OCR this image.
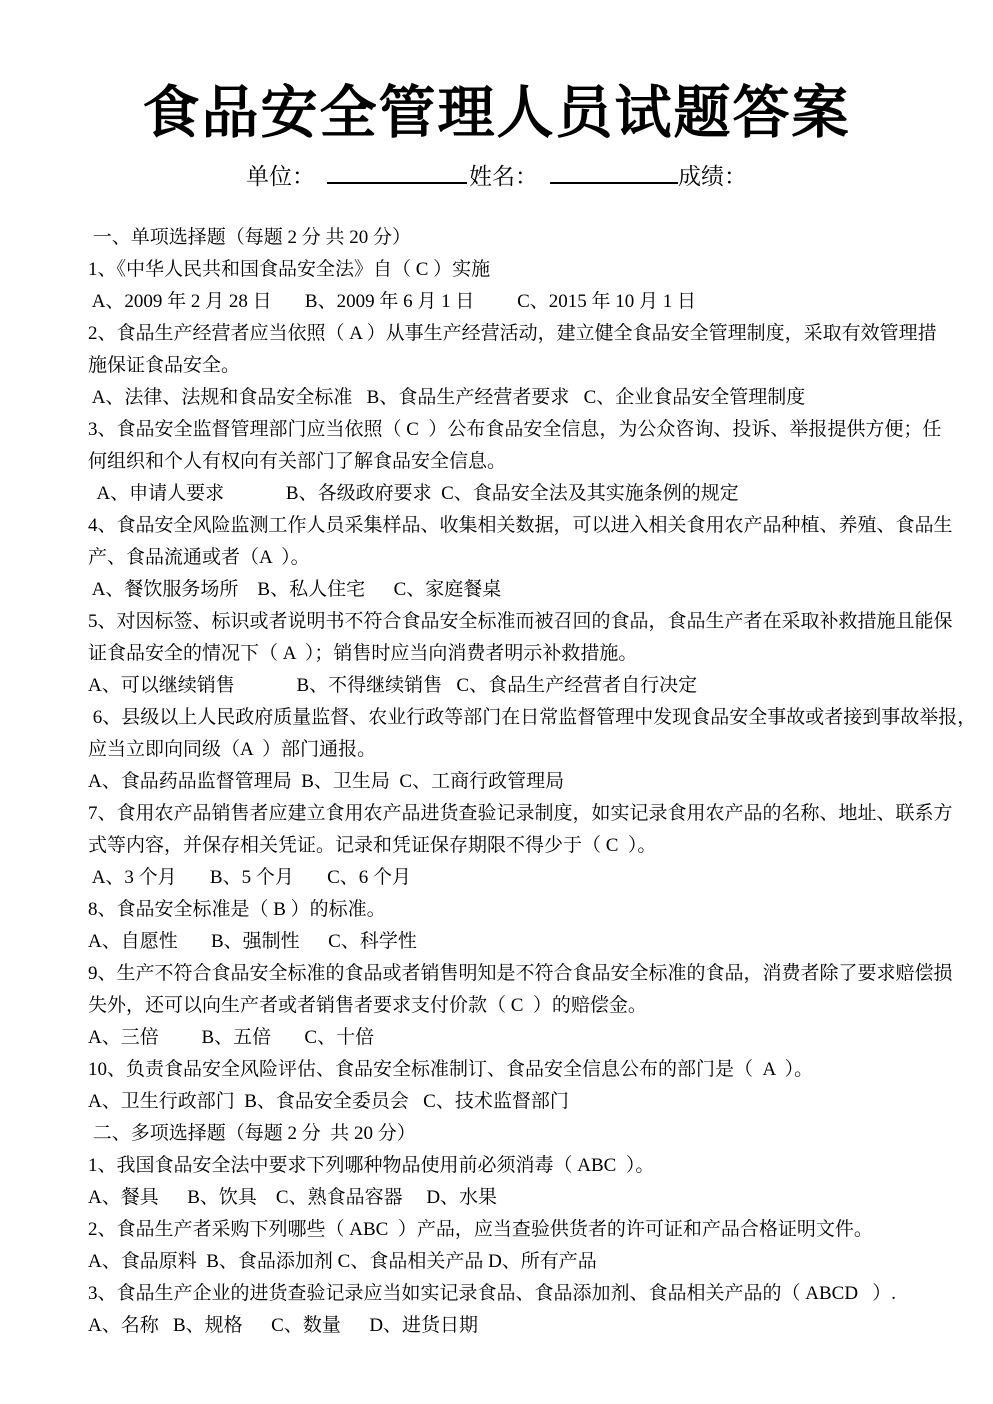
食品安全管理人员试题答案
单位：	姓名：	成绩：
一、单项选择题（每题 2 分 共 20 分）
1、《中华人民共和国食品安全法》自（ C ）实施
A、2009 年 2 月 28 日       B、2009 年 6 月 1 日         C、2015 年 10 月 1 日
2、食品生产经营者应当依照（ A ）从事生产经营活动，建立健全食品安全管理制度，采取有效管理措
施保证食品安全。
A、法律、法规和食品安全标准   B、食品生产经营者要求   C、企业食品安全管理制度
3、食品安全监督管理部门应当依照（ C  ）公布食品安全信息，为公众咨询、投诉、举报提供方便；任
何组织和个人有权向有关部门了解食品安全信息。
A、申请人要求             B、各级政府要求  C、食品安全法及其实施条例的规定
4、食品安全风险监测工作人员采集样品、收集相关数据，可以进入相关食用农产品种植、养殖、食品生
产、食品流通或者（A  ）。
A、餐饮服务场所    B、私人住宅      C、家庭餐桌
5、对因标签、标识或者说明书不符合食品安全标准而被召回的食品，食品生产者在采取补救措施且能保
证食品安全的情况下（ A  ）；销售时应当向消费者明示补救措施。
A、可以继续销售             B、不得继续销售   C、食品生产经营者自行决定
6、县级以上人民政府质量监督、农业行政等部门在日常监督管理中发现食品安全事故或者接到事故举报，
应当立即向同级（A  ）部门通报。
A、食品药品监督管理局  B、卫生局  C、工商行政管理局
7、食用农产品销售者应建立食用农产品进货查验记录制度，如实记录食用农产品的名称、地址、联系方
式等内容，并保存相关凭证。记录和凭证保存期限不得少于（ C  ）。
A、3 个月       B、5 个月       C、6 个月
8、食品安全标准是（ B ）的标准。
A、自愿性       B、强制性      C、科学性
9、生产不符合食品安全标准的食品或者销售明知是不符合食品安全标准的食品，消费者除了要求赔偿损
失外，还可以向生产者或者销售者要求支付价款（ C  ）的赔偿金。
A、三倍         B、五倍       C、十倍
10、负责食品安全风险评估、食品安全标准制订、食品安全信息公布的部门是（  A  ）。
A、卫生行政部门  B、食品安全委员会   C、技术监督部门
二、多项选择题（每题 2 分  共 20 分）
1、我国食品安全法中要求下列哪种物品使用前必须消毒（ ABC  ）。
A、餐具      B、饮具    C、熟食品容器     D、水果
2、食品生产者采购下列哪些（ ABC  ）产品，应当查验供货者的许可证和产品合格证明文件。
A、食品原料  B、食品添加剂 C、食品相关产品 D、所有产品
3、食品生产企业的进货查验记录应当如实记录食品、食品添加剂、食品相关产品的（ ABCD   ）.
A、名称   B、规格      C、数量      D、进货日期
